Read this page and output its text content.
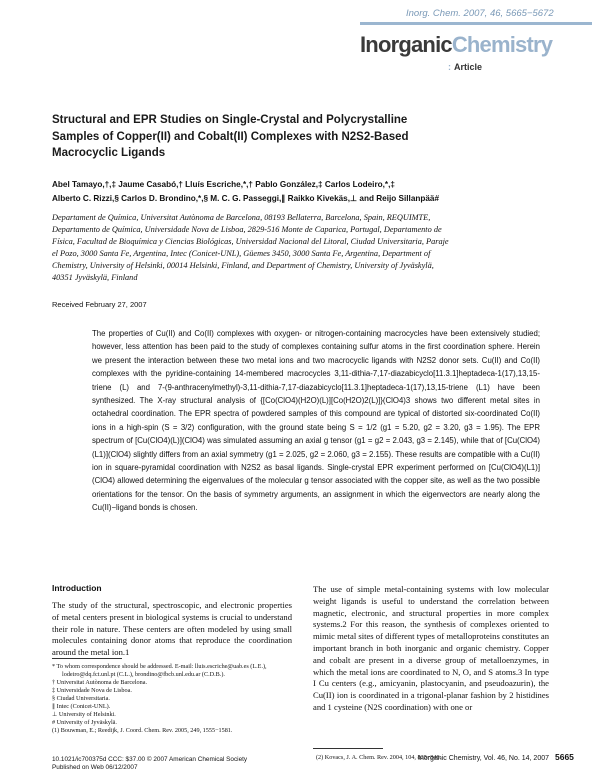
Inorg. Chem. 2007, 46, 5665−5672
InorganicChemistry
: Article
Structural and EPR Studies on Single-Crystal and Polycrystalline Samples of Copper(II) and Cobalt(II) Complexes with N2S2-Based Macrocyclic Ligands
Abel Tamayo,†,‡ Jaume Casabó,† Lluís Escriche,*,† Pablo González,‡ Carlos Lodeiro,*,‡
Alberto C. Rizzi,§ Carlos D. Brondino,*,§ M. C. G. Passeggi,∥ Raikko Kivekäs,⊥ and Reijo Sillanpää#
Departament de Química, Universitat Autònoma de Barcelona, 08193 Bellaterra, Barcelona, Spain, REQUIMTE, Departamento de Química, Universidade Nova de Lisboa, 2829-516 Monte de Caparica, Portugal, Departamento de Física, Facultad de Bioquímica y Ciencias Biológicas, Universidad Nacional del Litoral, Ciudad Universitaria, Paraje el Pozo, 3000 Santa Fe, Argentina, Intec (Conicet-UNL), Güemes 3450, 3000 Santa Fe, Argentina, Department of Chemistry, University of Helsinki, 00014 Helsinki, Finland, and Department of Chemistry, University of Jyväskylä, 40351 Jyväskylä, Finland
Received February 27, 2007

The properties of Cu(II) and Co(II) complexes with oxygen- or nitrogen-containing macrocycles have been extensively studied; however, less attention has been paid to the study of complexes containing sulfur atoms in the first coordination sphere. Herein we present the interaction between these two metal ions and two macrocyclic ligands with N2S2 donor sets. Cu(II) and Co(II) complexes with the pyridine-containing 14-membered macrocycles 3,11-dithia-7,17-diazabicyclo[11.3.1]heptadeca-1(17),13,15-triene (L) and 7-(9-anthracenylmethyl)-3,11-dithia-7,17-diazabicyclo[11.3.1]heptadeca-1(17),13,15-triene (L1) have been synthesized. The X-ray structural analysis of {[Co(ClO4)(H2O)(L)][Co(H2O)2(L)]}(ClO4)3 shows two different metal sites in octahedral coordination. The EPR spectra of powdered samples of this compound are typical of distorted six-coordinated Co(II) ions in a high-spin (S = 3/2) configuration, with the ground state being S = 1/2 (g1 = 5.20, g2 = 3.20, g3 = 1.95). The EPR spectrum of [Cu(ClO4)(L)](ClO4) was simulated assuming an axial g tensor (g1 = g2 = 2.043, g3 = 2.145), while that of [Cu(ClO4)(L1)](ClO4) slightly differs from an axial symmetry (g1 = 2.025, g2 = 2.060, g3 = 2.155). These results are compatible with a Cu(II) ion in square-pyramidal coordination with N2S2 as basal ligands. Single-crystal EPR experiment performed on [Cu(ClO4)(L1)](ClO4) allowed determining the eigenvalues of the molecular g tensor associated with the copper site, as well as the two possible orientations for the tensor. On the basis of symmetry arguments, an assignment in which the eigenvectors are nearly along the Cu(II)−ligand bonds is chosen.

Introduction

The study of the structural, spectroscopic, and electronic properties of metal centers present in biological systems is crucial to understand their role in nature. These centers are often modeled by using small molecules containing donor atoms that reproduce the coordination around the metal ion.1

The use of simple metal-containing systems with low molecular weight ligands is useful to understand the correlation between magnetic, electronic, and structural properties in more complex systems.2 For this reason, the synthesis of complexes oriented to mimic metal sites of different types of metalloproteins constitutes an important branch in both inorganic and organic chemistry. Copper and cobalt are present in a diverse group of metalloenzymes, in which the metal ions are coordinated to N, O, and S atoms.3 In type I Cu centers (e.g., amicyanin, plastocyanin, and pseudoazurin), the Cu(II) ion is coordinated in a trigonal-planar fashion by 2 histidines and 1 cysteine (N2S coordination) with one or

* To whom correspondence should be addressed. E-mail: lluis.escriche@uab.es (L.E.), lodeiro@dq.fct.unl.pt (C.L.), brondino@fbcb.unl.edu.ar (C.D.B.).
† Universitat Autònoma de Barcelona.
‡ Universidade Nova de Lisboa.
§ Ciudad Universitaria.
∥ Intec (Conicet-UNL).
⊥ University of Helsinki.
# University of Jyväskylä.
(1) Bouwman, E.; Reedijk, J. Coord. Chem. Rev. 2005, 249, 1555−1581.
(2) Kovacs, J. A. Chem. Rev. 2004, 104, 825−848.
10.1021/ic700375d CCC: $37.00 © 2007 American Chemical Society
Published on Web 06/12/2007
Inorganic Chemistry, Vol. 46, No. 14, 2007 5665
